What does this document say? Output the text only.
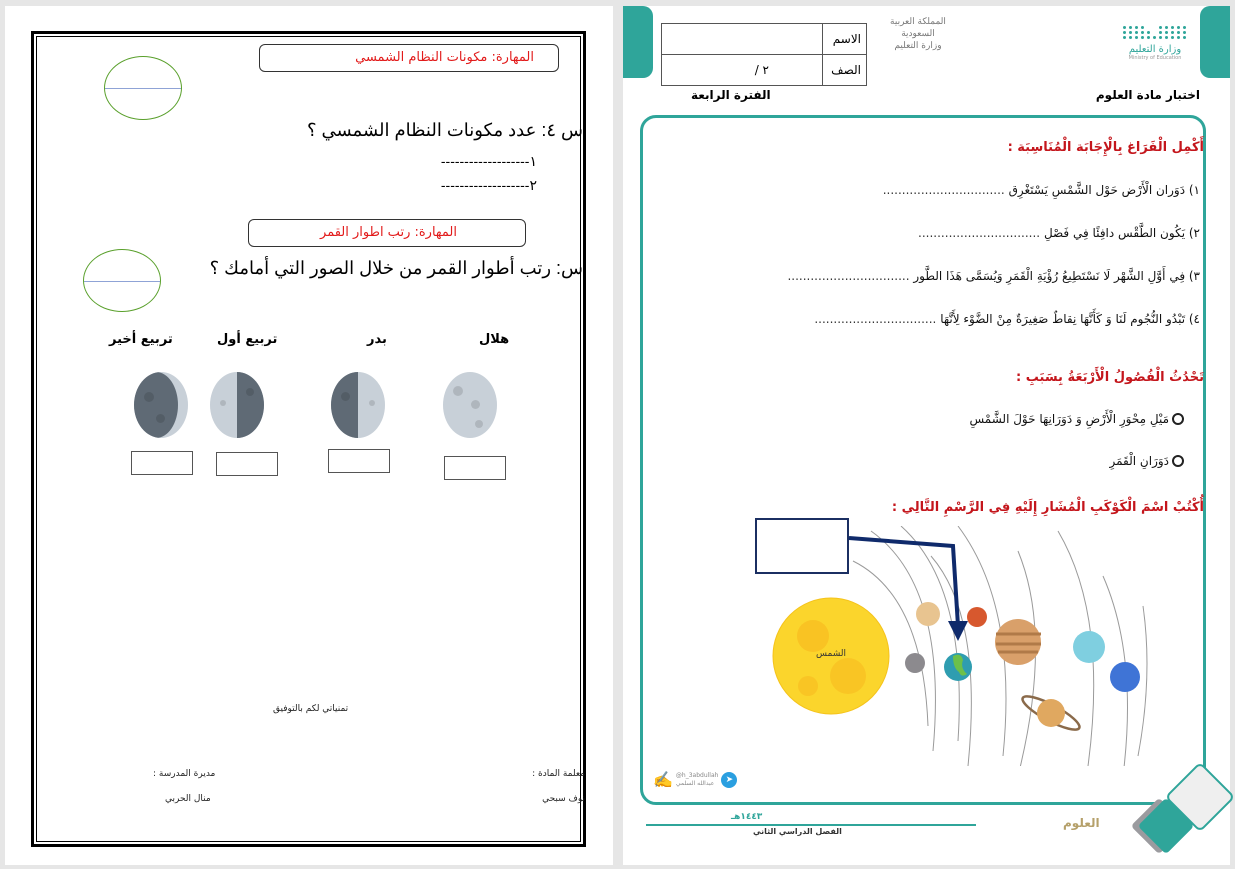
المهارة: مكونات النظام الشمسي
س ٤: عدد مكونات النظام الشمسي ؟
١-------------------
٢-------------------
المهارة: رتب اطوار القمر
س: رتب أطوار القمر من خلال الصور التي أمامك ؟
هلال
بدر
تربيع أول
تربيع أخير
تمنياتي لكم بالتوفيق
معلمة المادة :
نوف سبحي
مديرة المدرسة :
منال الحربي
الاسم	
الصف	٢ /
المملكة العربية السعودية
وزارة التعليم	وزارة التعليم
Ministry of Education
اختبار مادة العلوم
الفترة الرابعة
أَكْمِل الْفَرَاغ بِالْإِجَابَة الْمُنَاسِبَة :
١) دَوَران الْأَرْض حَوْل الشَّمْسِ يَسْتَغْرِق ................................
٢) يَكُون الطَّقْس دافِئًا فِي فَصْلِ ................................
٣) فِي أَوَّلِ الشَّهْر لَا نَسْتَطِيعُ رُؤْيَةِ الْقَمَرِ وَيُسَمَّى هَذَا الطَّور ................................
٤) تَبْدُو النُّجُوم لَنَا وَ كَأَنَّهَا نِقاطٌ صَغِيرَةٌ مِنْ الضَّوْء لِأَنَّهَا ................................
تَحْدُثُ الْفُصُولُ الْأَرْبَعَةُ بِسَبَبِ :
مَيْلِ مِحْوَرِ الْأَرْضِ وَ دَوَرَانِهَا حَوْلَ الشَّمْسِ
دَوَرَانِ الْقَمَرِ
أُكْتُبْ اسْمَ الْكَوْكَبِ الْمُشَارِ إِلَيْهِ فِي الرَّسْمِ التَّالِي :
الشمس
✍ @h_3abdullah
عبدالله السلمي	➤
١٤٤٣هـ
الفصل الدراسي الثاني
العلوم
